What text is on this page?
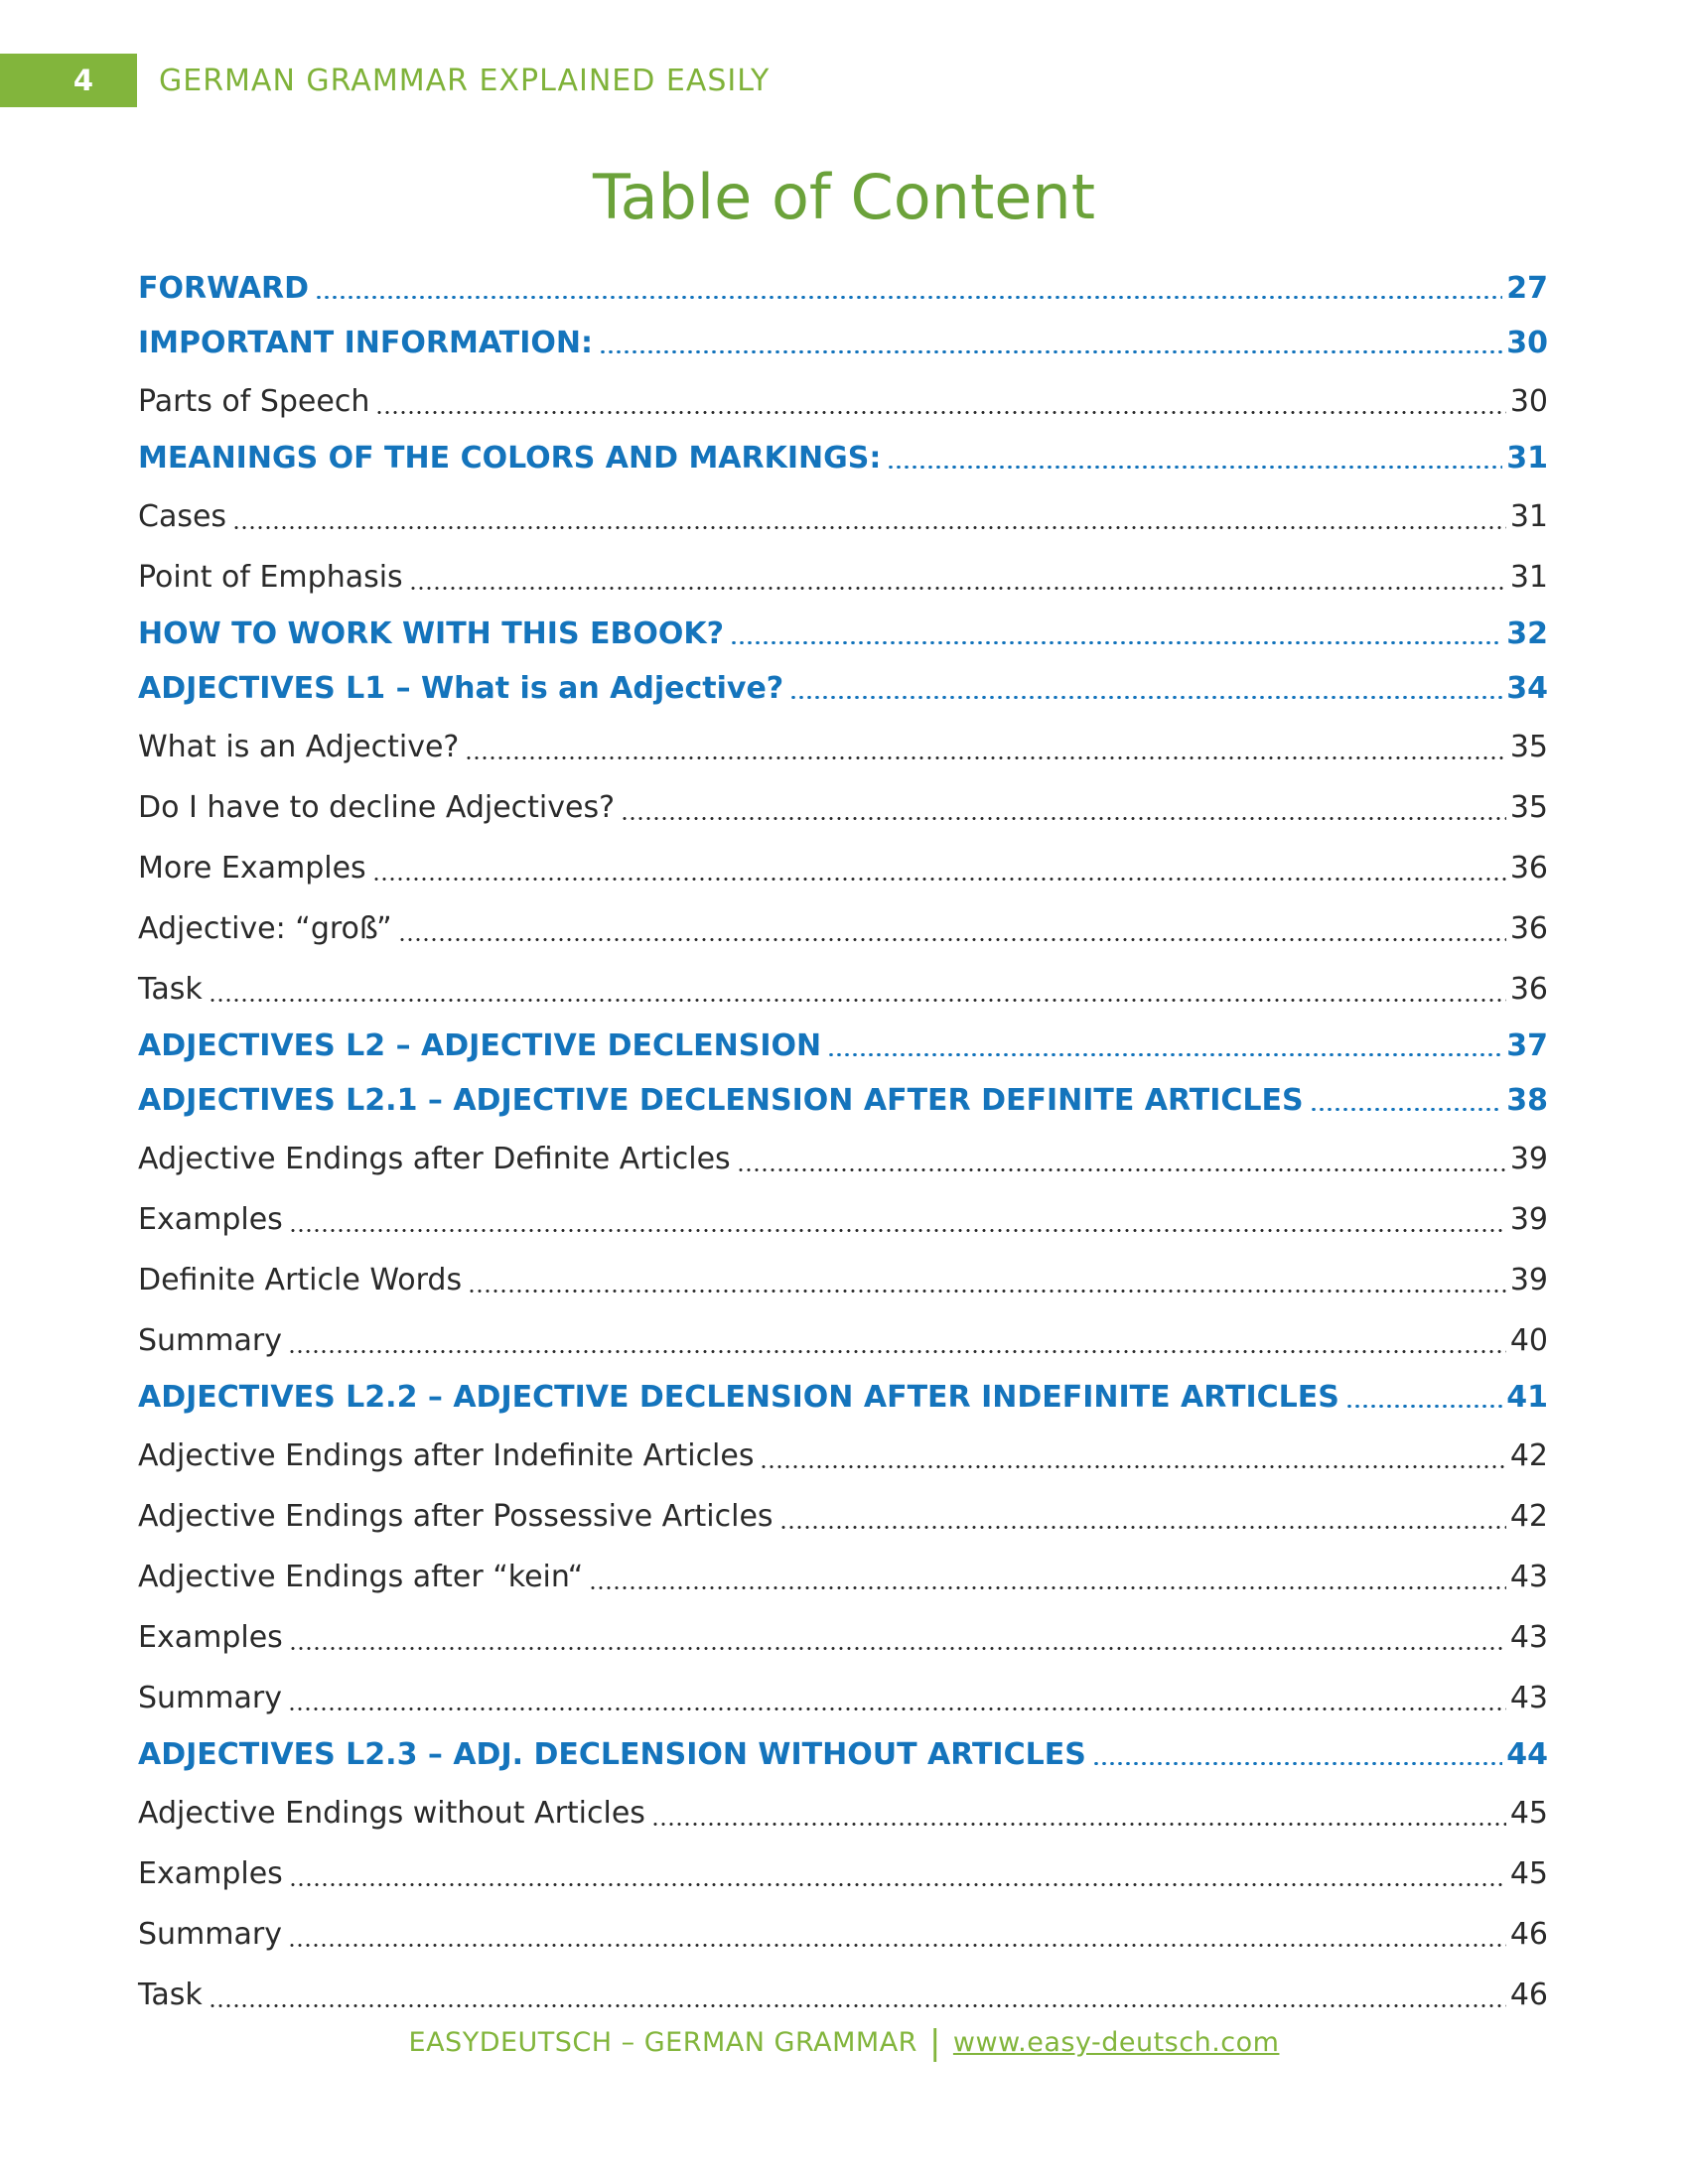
4 GERMAN GRAMMAR EXPLAINED EASILY
Table of Content
FORWARD	27
IMPORTANT INFORMATION:	30
Parts of Speech	30
MEANINGS OF THE COLORS AND MARKINGS:	31
Cases	31
Point of Emphasis	31
HOW TO WORK WITH THIS EBOOK?	32
ADJECTIVES L1 – What is an Adjective?	34
What is an Adjective?	35
Do I have to decline Adjectives?	35
More Examples	36
Adjective: “groß”	36
Task	36
ADJECTIVES L2 – ADJECTIVE DECLENSION	37
ADJECTIVES L2.1 – ADJECTIVE DECLENSION AFTER DEFINITE ARTICLES	38
Adjective Endings after Definite Articles	39
Examples	39
Definite Article Words	39
Summary	40
ADJECTIVES L2.2 – ADJECTIVE DECLENSION AFTER INDEFINITE ARTICLES	41
Adjective Endings after Indefinite Articles	42
Adjective Endings after Possessive Articles	42
Adjective Endings after “kein“	43
Examples	43
Summary	43
ADJECTIVES L2.3 – ADJ. DECLENSION WITHOUT ARTICLES	44
Adjective Endings without Articles	45
Examples	45
Summary	46
Task	46
EASYDEUTSCH – GERMAN GRAMMAR | www.easy-deutsch.com
